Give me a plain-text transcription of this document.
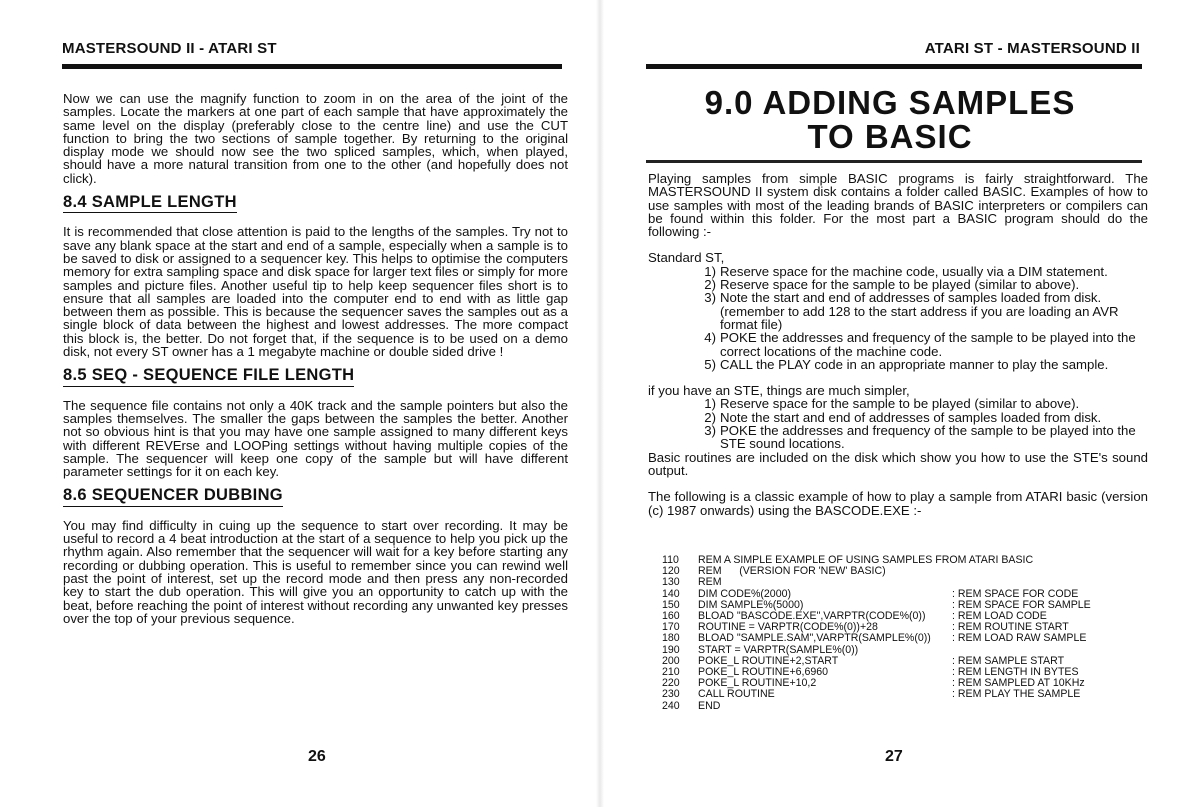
MASTERSOUND II - ATARI ST

Now we can use the magnify function to zoom in on the area of the joint of the samples. Locate the markers at one part of each sample that have approximately the same level on the display (preferably close to the centre line) and use the CUT function to bring the two sections of sample together. By returning to the original display mode we should now see the two spliced samples, which, when played, should have a more natural transition from one to the other (and hopefully does not click).

8.4 SAMPLE LENGTH

It is recommended that close attention is paid to the lengths of the samples. Try not to save any blank space at the start and end of a sample, especially when a sample is to be saved to disk or assigned to a sequencer key. This helps to optimise the computers memory for extra sampling space and disk space for larger text files or simply for more samples and picture files. Another useful tip to help keep sequencer files short is to ensure that all samples are loaded into the computer end to end with as little gap between them as possible. This is because the sequencer saves the samples out as a single block of data between the highest and lowest addresses. The more compact this block is, the better. Do not forget that, if the sequence is to be used on a demo disk, not every ST owner has a 1 megabyte machine or double sided drive !

8.5 SEQ - SEQUENCE FILE LENGTH

The sequence file contains not only a 40K track and the sample pointers but also the samples themselves. The smaller the gaps between the samples the better. Another not so obvious hint is that you may have one sample assigned to many different keys with different REVErse and LOOPing settings without having multiple copies of the sample. The sequencer will keep one copy of the sample but will have different parameter settings for it on each key.

8.6 SEQUENCER DUBBING

You may find difficulty in cuing up the sequence to start over recording. It may be useful to record a 4 beat introduction at the start of a sequence to help you pick up the rhythm again. Also remember that the sequencer will wait for a key before starting any recording or dubbing operation. This is useful to remember since you can rewind well past the point of interest, set up the record mode and then press any non-recorded key to start the dub operation. This will give you an opportunity to catch up with the beat, before reaching the point of interest without recording any unwanted key presses over the top of your previous sequence.

26
ATARI ST - MASTERSOUND II
9.0 ADDING SAMPLES
TO BASIC

Playing samples from simple BASIC programs is fairly straightforward. The MASTERSOUND II system disk contains a folder called BASIC. Examples of how to use samples with most of the leading brands of BASIC interpreters or compilers can be found within this folder. For the most part a BASIC program should do the following :-

Standard ST,

1) Reserve space for the machine code, usually via a DIM statement.
2) Reserve space for the sample to be played (similar to above).
3) Note the start and end of addresses of samples loaded from disk. (remember to add 128 to the start address if you are loading an AVR format file)
4) POKE the addresses and frequency of the sample to be played into the correct locations of the machine code.
5) CALL the PLAY code in an appropriate manner to play the sample.

if you have an STE, things are much simpler,

1) Reserve space for the sample to be played (similar to above).
2) Note the start and end of addresses of samples loaded from disk.
3) POKE the addresses and frequency of the sample to be played into the STE sound locations.

Basic routines are included on the disk which show you how to use the STE's sound output.

The following is a classic example of how to play a sample from ATARI basic (version (c) 1987 onwards) using the BASCODE.EXE :-

110	REM A SIMPLE EXAMPLE OF USING SAMPLES FROM ATARI BASIC
120	REM      (VERSION FOR 'NEW' BASIC)
130	REM
140	DIM CODE%(2000)	: REM SPACE FOR CODE
150	DIM SAMPLE%(5000)	: REM SPACE FOR SAMPLE
160	BLOAD "BASCODE.EXE",VARPTR(CODE%(0))	: REM LOAD CODE
170	ROUTINE = VARPTR(CODE%(0))+28	: REM ROUTINE START
180	BLOAD "SAMPLE.SAM",VARPTR(SAMPLE%(0))	: REM LOAD RAW SAMPLE
190	START = VARPTR(SAMPLE%(0))
200	POKE_L ROUTINE+2,START	: REM SAMPLE START
210	POKE_L ROUTINE+6,6960	: REM LENGTH IN BYTES
220	POKE_L ROUTINE+10,2	: REM SAMPLED AT 10KHz
230	CALL ROUTINE	: REM PLAY THE SAMPLE
240	END
27
